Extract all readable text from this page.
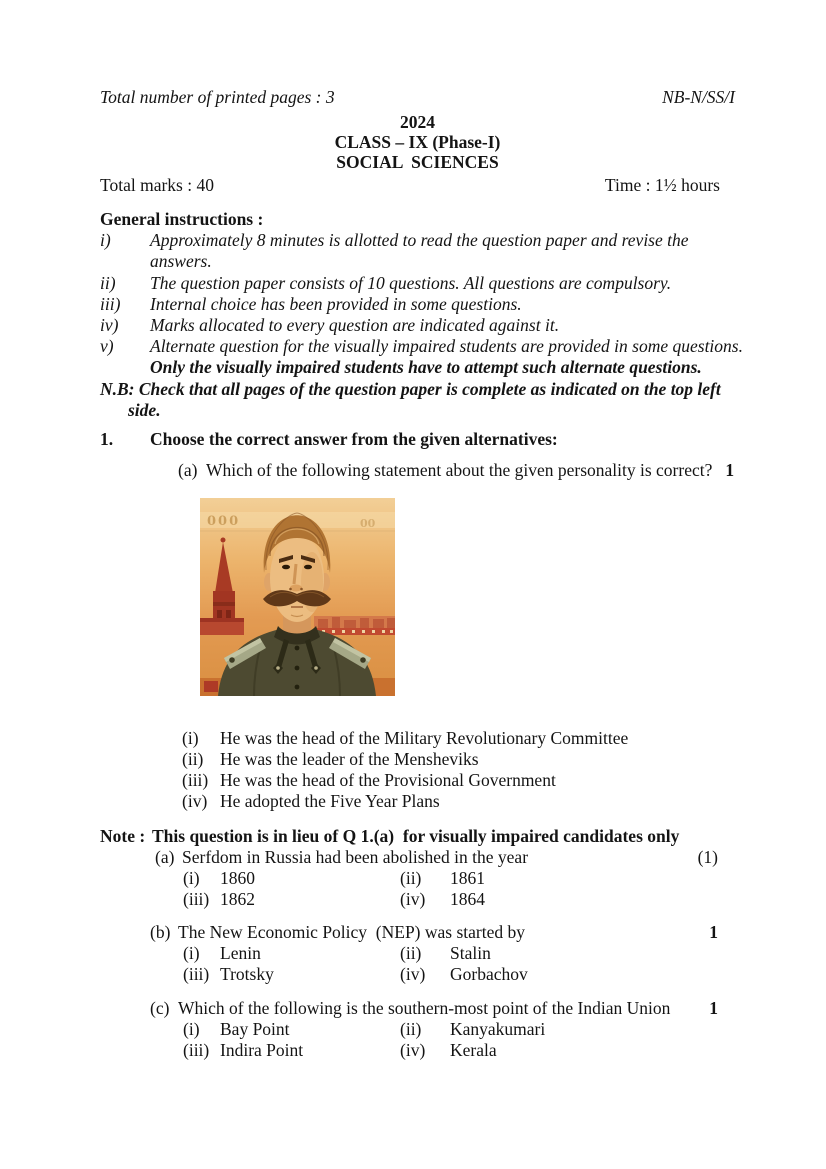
Total number of printed pages : 3	NB-N/SS/I
2024
CLASS – IX (Phase-I)
SOCIAL  SCIENCES
Total marks : 40	Time : 1½ hours
General instructions :
i)	Approximately 8 minutes is allotted to read the question paper and revise the
answers.
ii)	The question paper consists of 10 questions. All questions are compulsory.
iii)	Internal choice has been provided in some questions.
iv)	Marks allocated to every question are indicated against it.
v)	Alternate question for the visually impaired students are provided in some questions.
Only the visually impaired students have to attempt such alternate questions.
N.B: Check that all pages of the question paper is complete as indicated on the top left
side.
1.	Choose the correct answer from the given alternatives:
(a) Which of the following statement about the given personality is correct? 1
000	00
(i)	He was the head of the Military Revolutionary Committee
(ii) He was the leader of the Mensheviks
(iii) He was the head of the Provisional Government
(iv) He adopted the Five Year Plans
Note : This question is in lieu of Q 1.(a)  for visually impaired candidates only
(a) Serfdom in Russia had been abolished in the year	(1)
(i)	1860	(ii)	1861
(iii) 1862	(iv)	1864
(b) The New Economic Policy  (NEP) was started by	1
(i)	Lenin	(ii)	Stalin
(iii) Trotsky	(iv)	Gorbachov
(c) Which of the following is the southern-most point of the Indian Union 1
(i)	Bay Point	(ii)	Kanyakumari
(iii) Indira Point	(iv)	Kerala
